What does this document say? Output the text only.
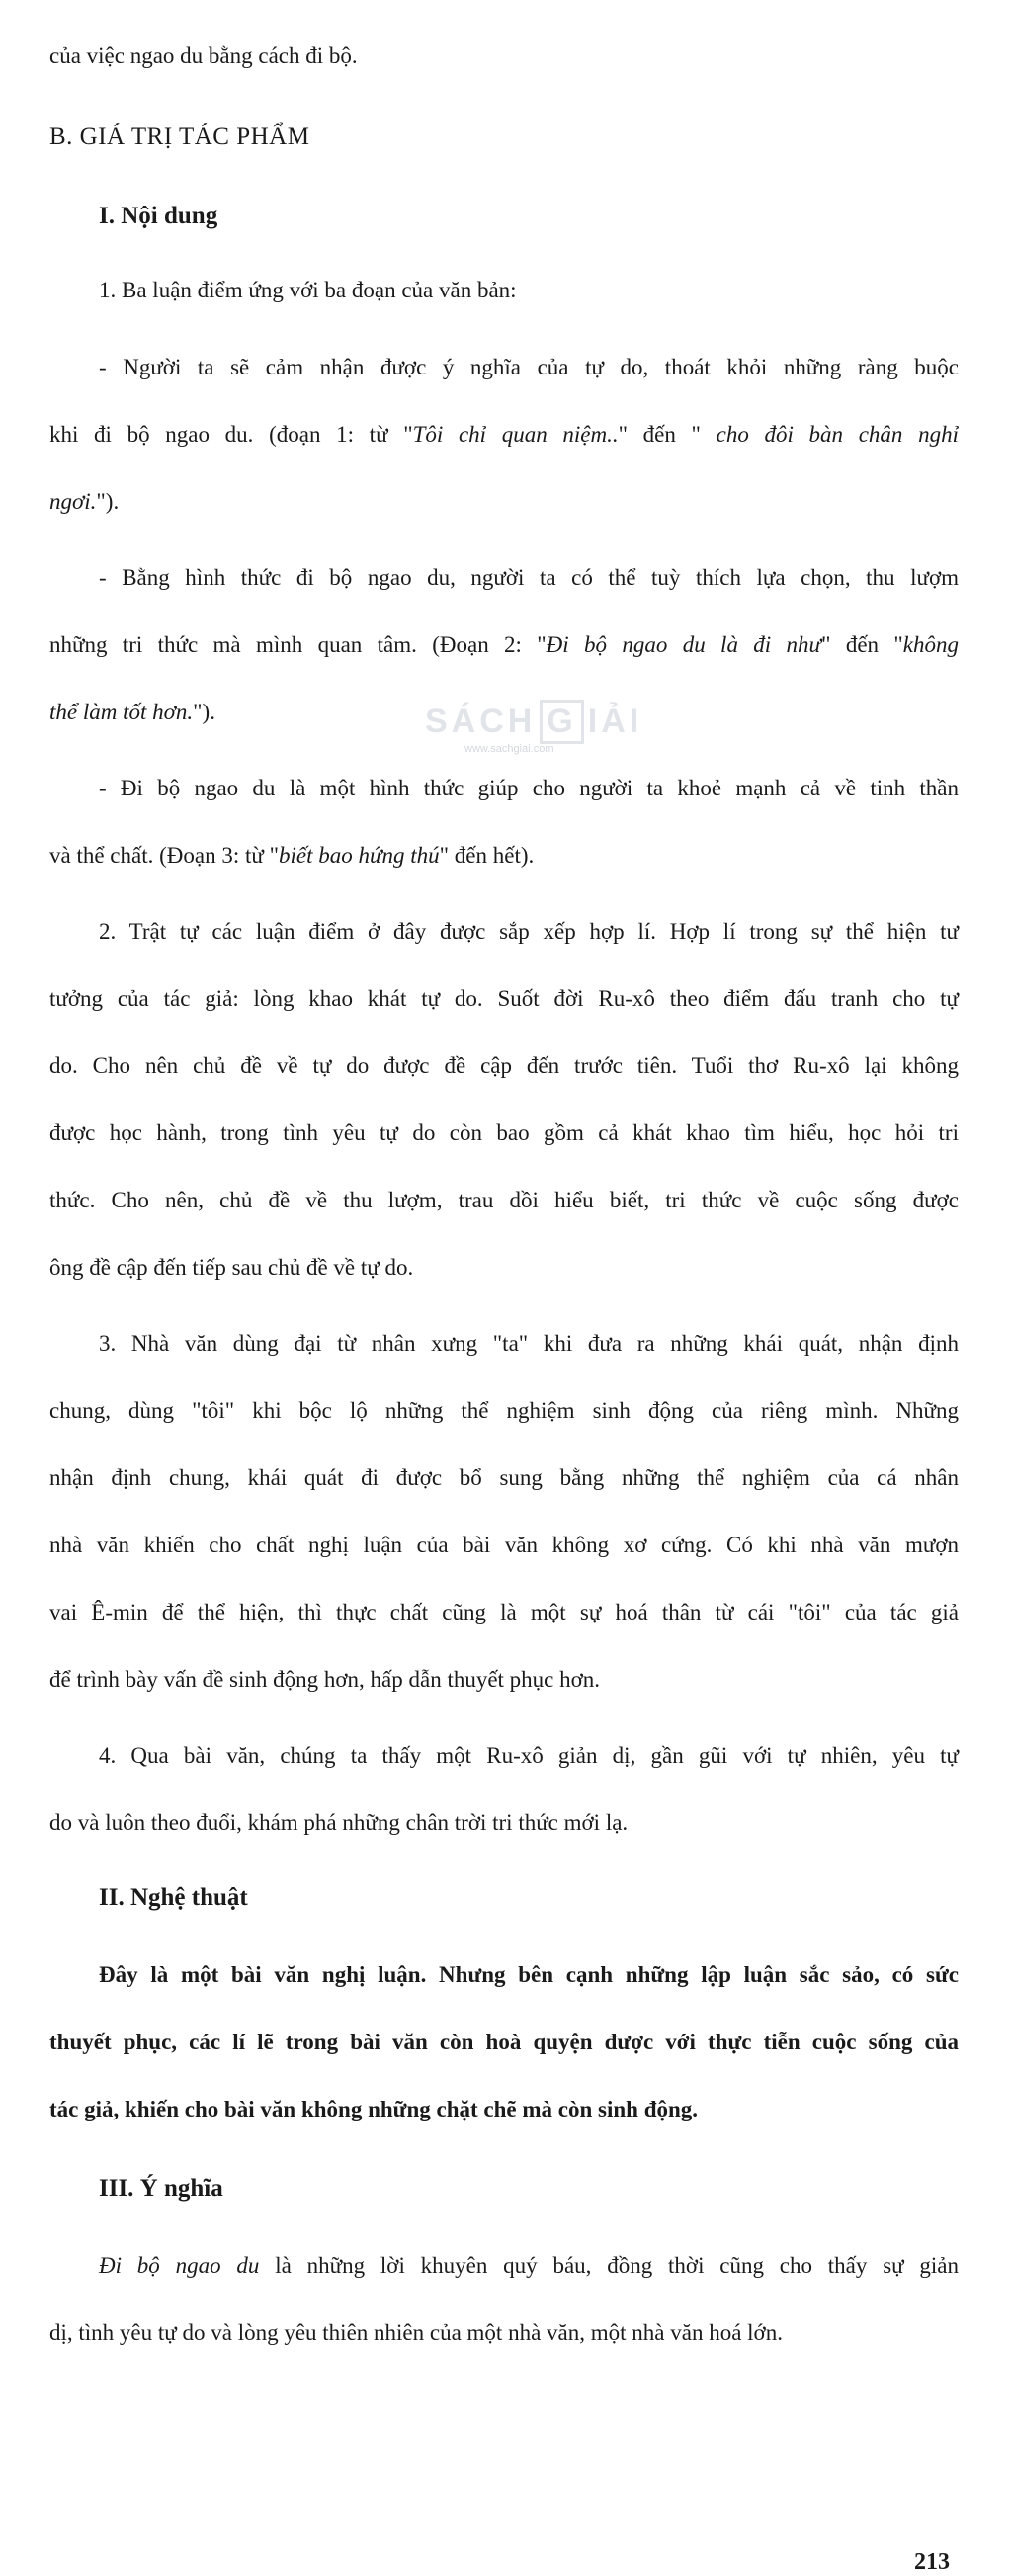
SÁCH G IẢI
www.sachgiai.com
của việc ngao du bằng cách đi bộ.
B. GIÁ TRỊ TÁC PHẨM
I. Nội dung
1. Ba luận điểm ứng với ba đoạn của văn bản:
- Người ta sẽ cảm nhận được ý nghĩa của tự do, thoát khỏi những ràng buộc
khi đi bộ ngao du. (đoạn 1: từ "Tôi chỉ quan niệm.." đến " cho đôi bàn chân nghỉ
ngơi.").
- Bằng hình thức đi bộ ngao du, người ta có thể tuỳ thích lựa chọn, thu lượm
những tri thức mà mình quan tâm. (Đoạn 2: "Đi bộ ngao du là đi như" đến "không
thể làm tốt hơn.").
- Đi bộ ngao du là một hình thức giúp cho người ta khoẻ mạnh cả về tinh thần
và thể chất. (Đoạn 3: từ "biết bao hứng thú" đến hết).
2. Trật tự các luận điểm ở đây được sắp xếp hợp lí. Hợp lí trong sự thể hiện tư
tưởng của tác giả: lòng khao khát tự do. Suốt đời Ru-xô theo điểm đấu tranh cho tự
do. Cho nên chủ đề về tự do được đề cập đến trước tiên. Tuổi thơ Ru-xô lại không
được học hành, trong tình yêu tự do còn bao gồm cả khát khao tìm hiểu, học hỏi tri
thức. Cho nên, chủ đề về thu lượm, trau dồi hiểu biết, tri thức về cuộc sống được
ông đề cập đến tiếp sau chủ đề về tự do.
3. Nhà văn dùng đại từ nhân xưng "ta" khi đưa ra những khái quát, nhận định
chung, dùng "tôi" khi bộc lộ những thể nghiệm sinh động của riêng mình. Những
nhận định chung, khái quát đi được bổ sung bằng những thể nghiệm của cá nhân
nhà văn khiến cho chất nghị luận của bài văn không xơ cứng. Có khi nhà văn mượn
vai Ê-min để thể hiện, thì thực chất cũng là một sự hoá thân từ cái "tôi" của tác giả
để trình bày vấn đề sinh động hơn, hấp dẫn thuyết phục hơn.
4. Qua bài văn, chúng ta thấy một Ru-xô giản dị, gần gũi với tự nhiên, yêu tự
do và luôn theo đuổi, khám phá những chân trời tri thức mới lạ.
II. Nghệ thuật
Đây là một bài văn nghị luận. Nhưng bên cạnh những lập luận sắc sảo, có sức
thuyết phục, các lí lẽ trong bài văn còn hoà quyện được với thực tiễn cuộc sống của
tác giả, khiến cho bài văn không những chặt chẽ mà còn sinh động.
III. Ý nghĩa
Đi bộ ngao du là những lời khuyên quý báu, đồng thời cũng cho thấy sự giản
dị, tình yêu tự do và lòng yêu thiên nhiên của một nhà văn, một nhà văn hoá lớn.
213
